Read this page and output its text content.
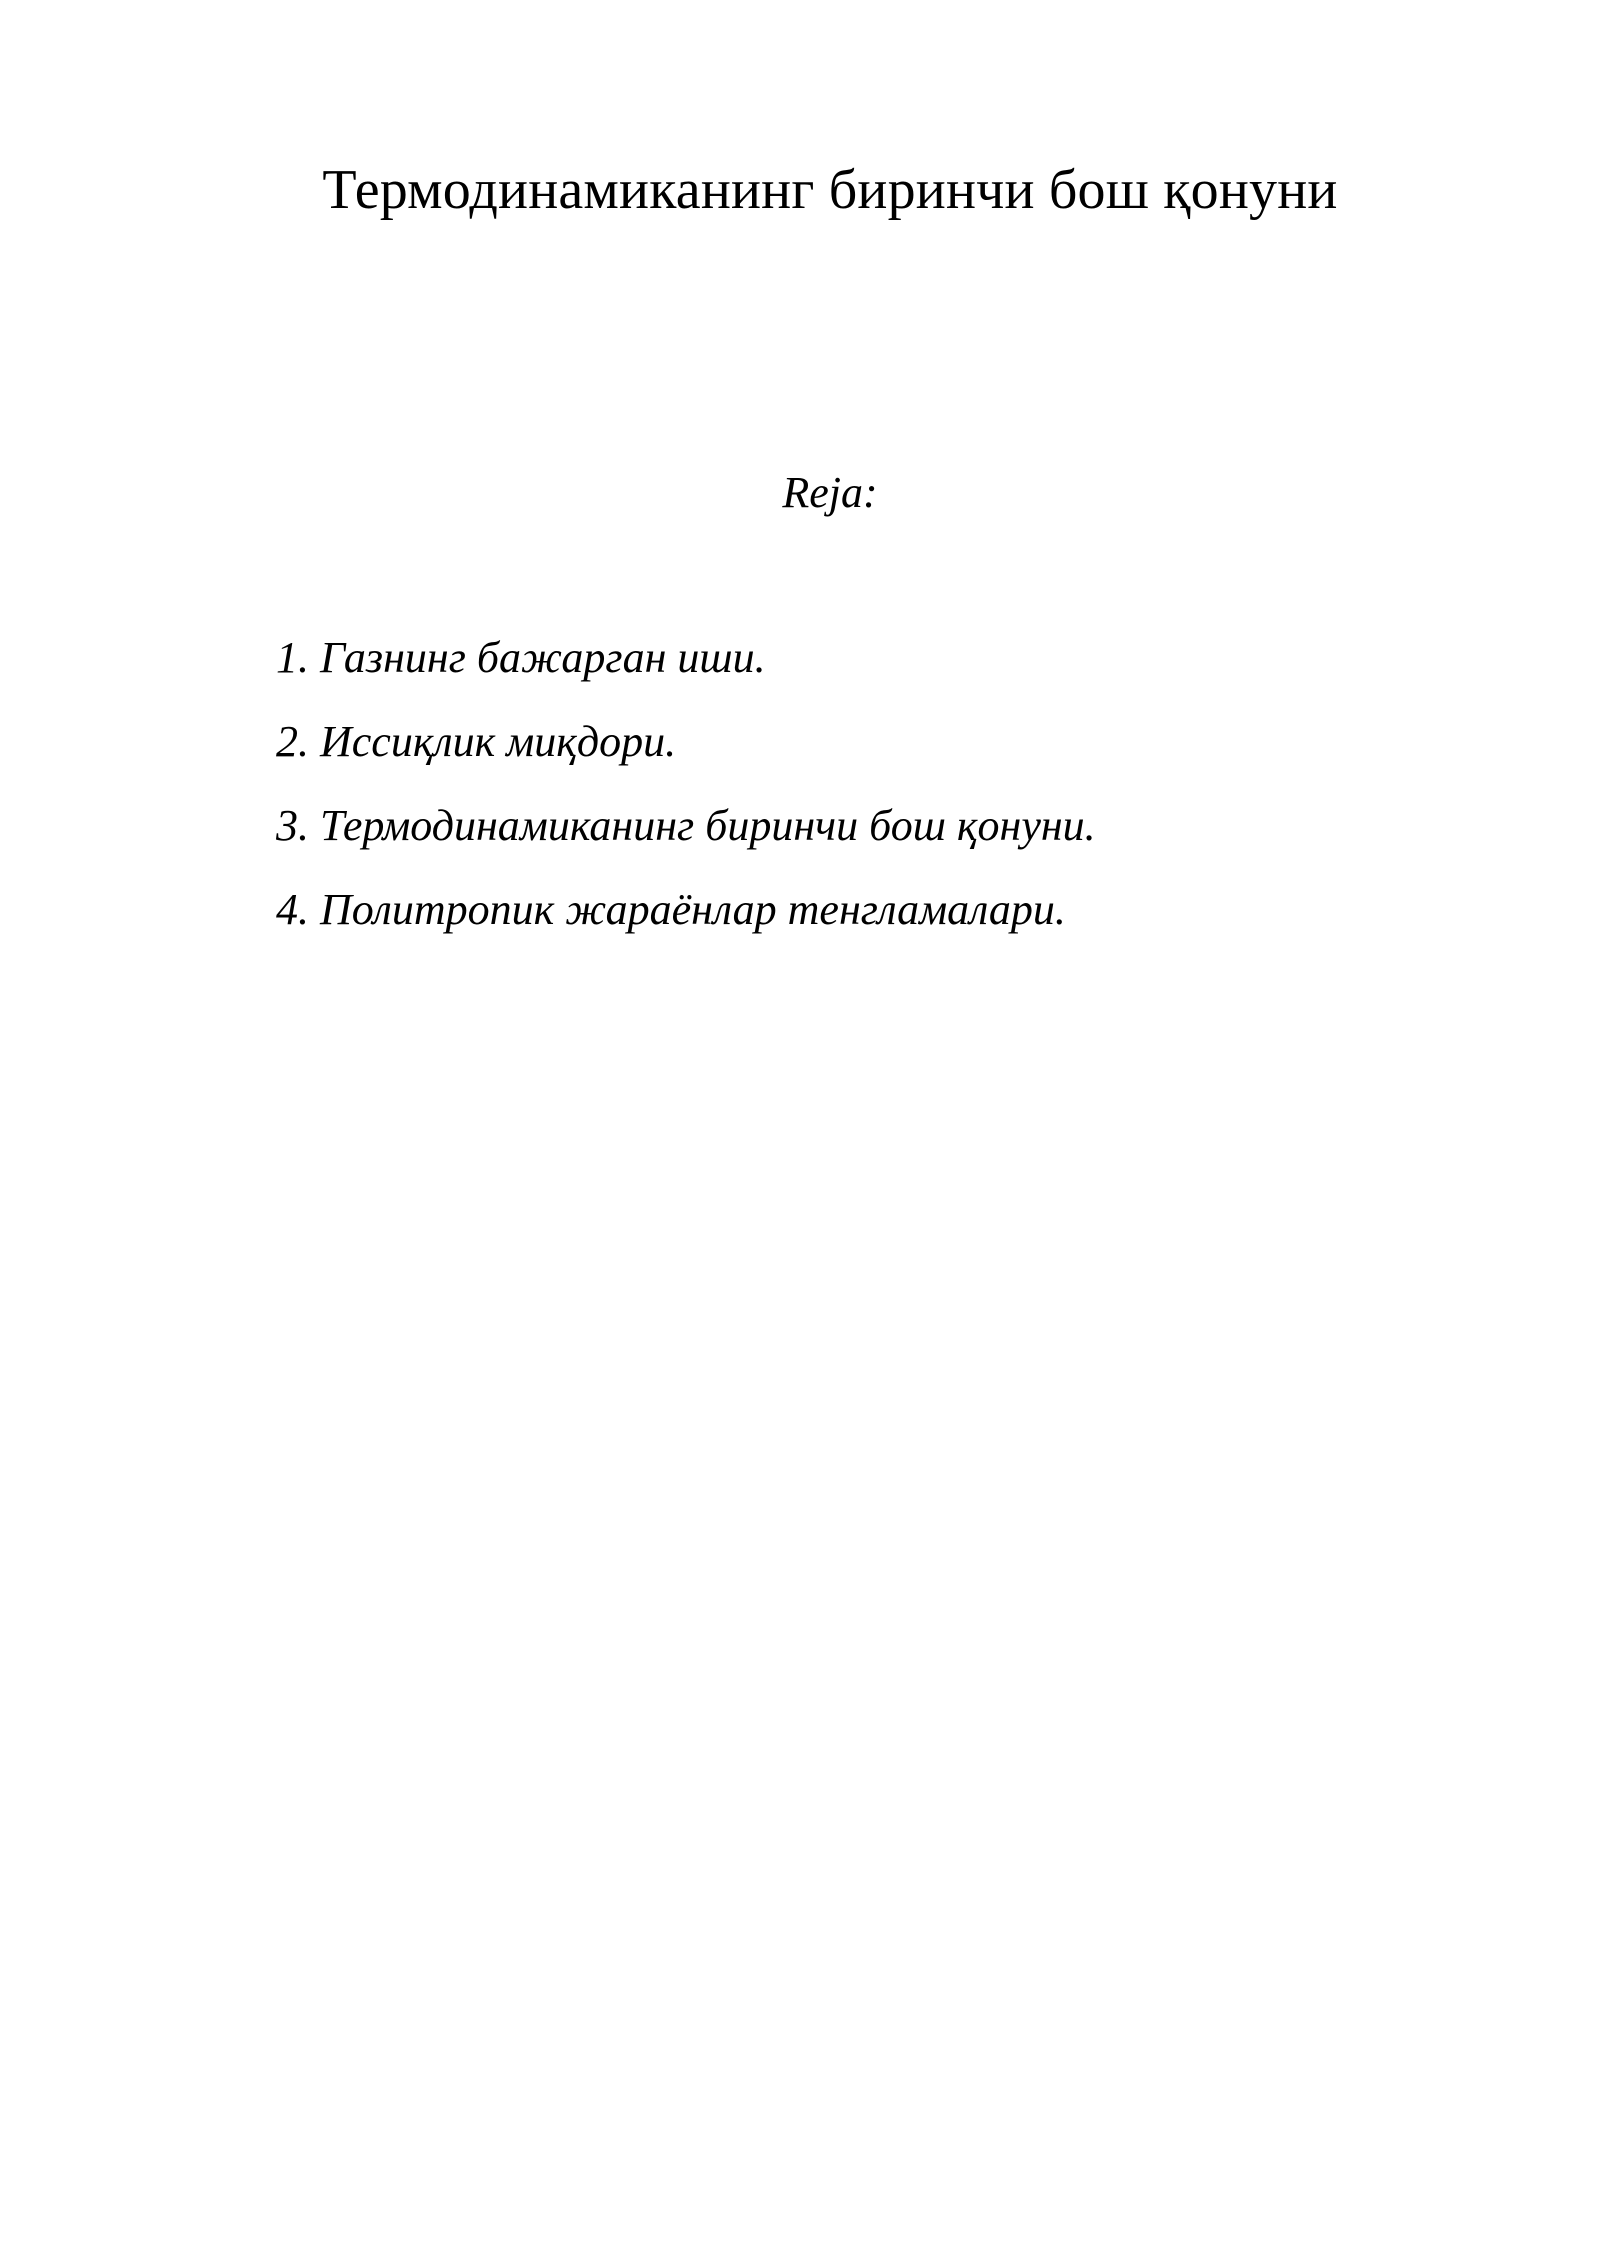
Термодинамиканинг биринчи бош қонуни

Reja:

1. Газнинг бажарган иши.
2. Иссиқлик миқдори.
3. Термодинамиканинг биринчи бош қонуни.
4. Политропик жараёнлар тенгламалари.
